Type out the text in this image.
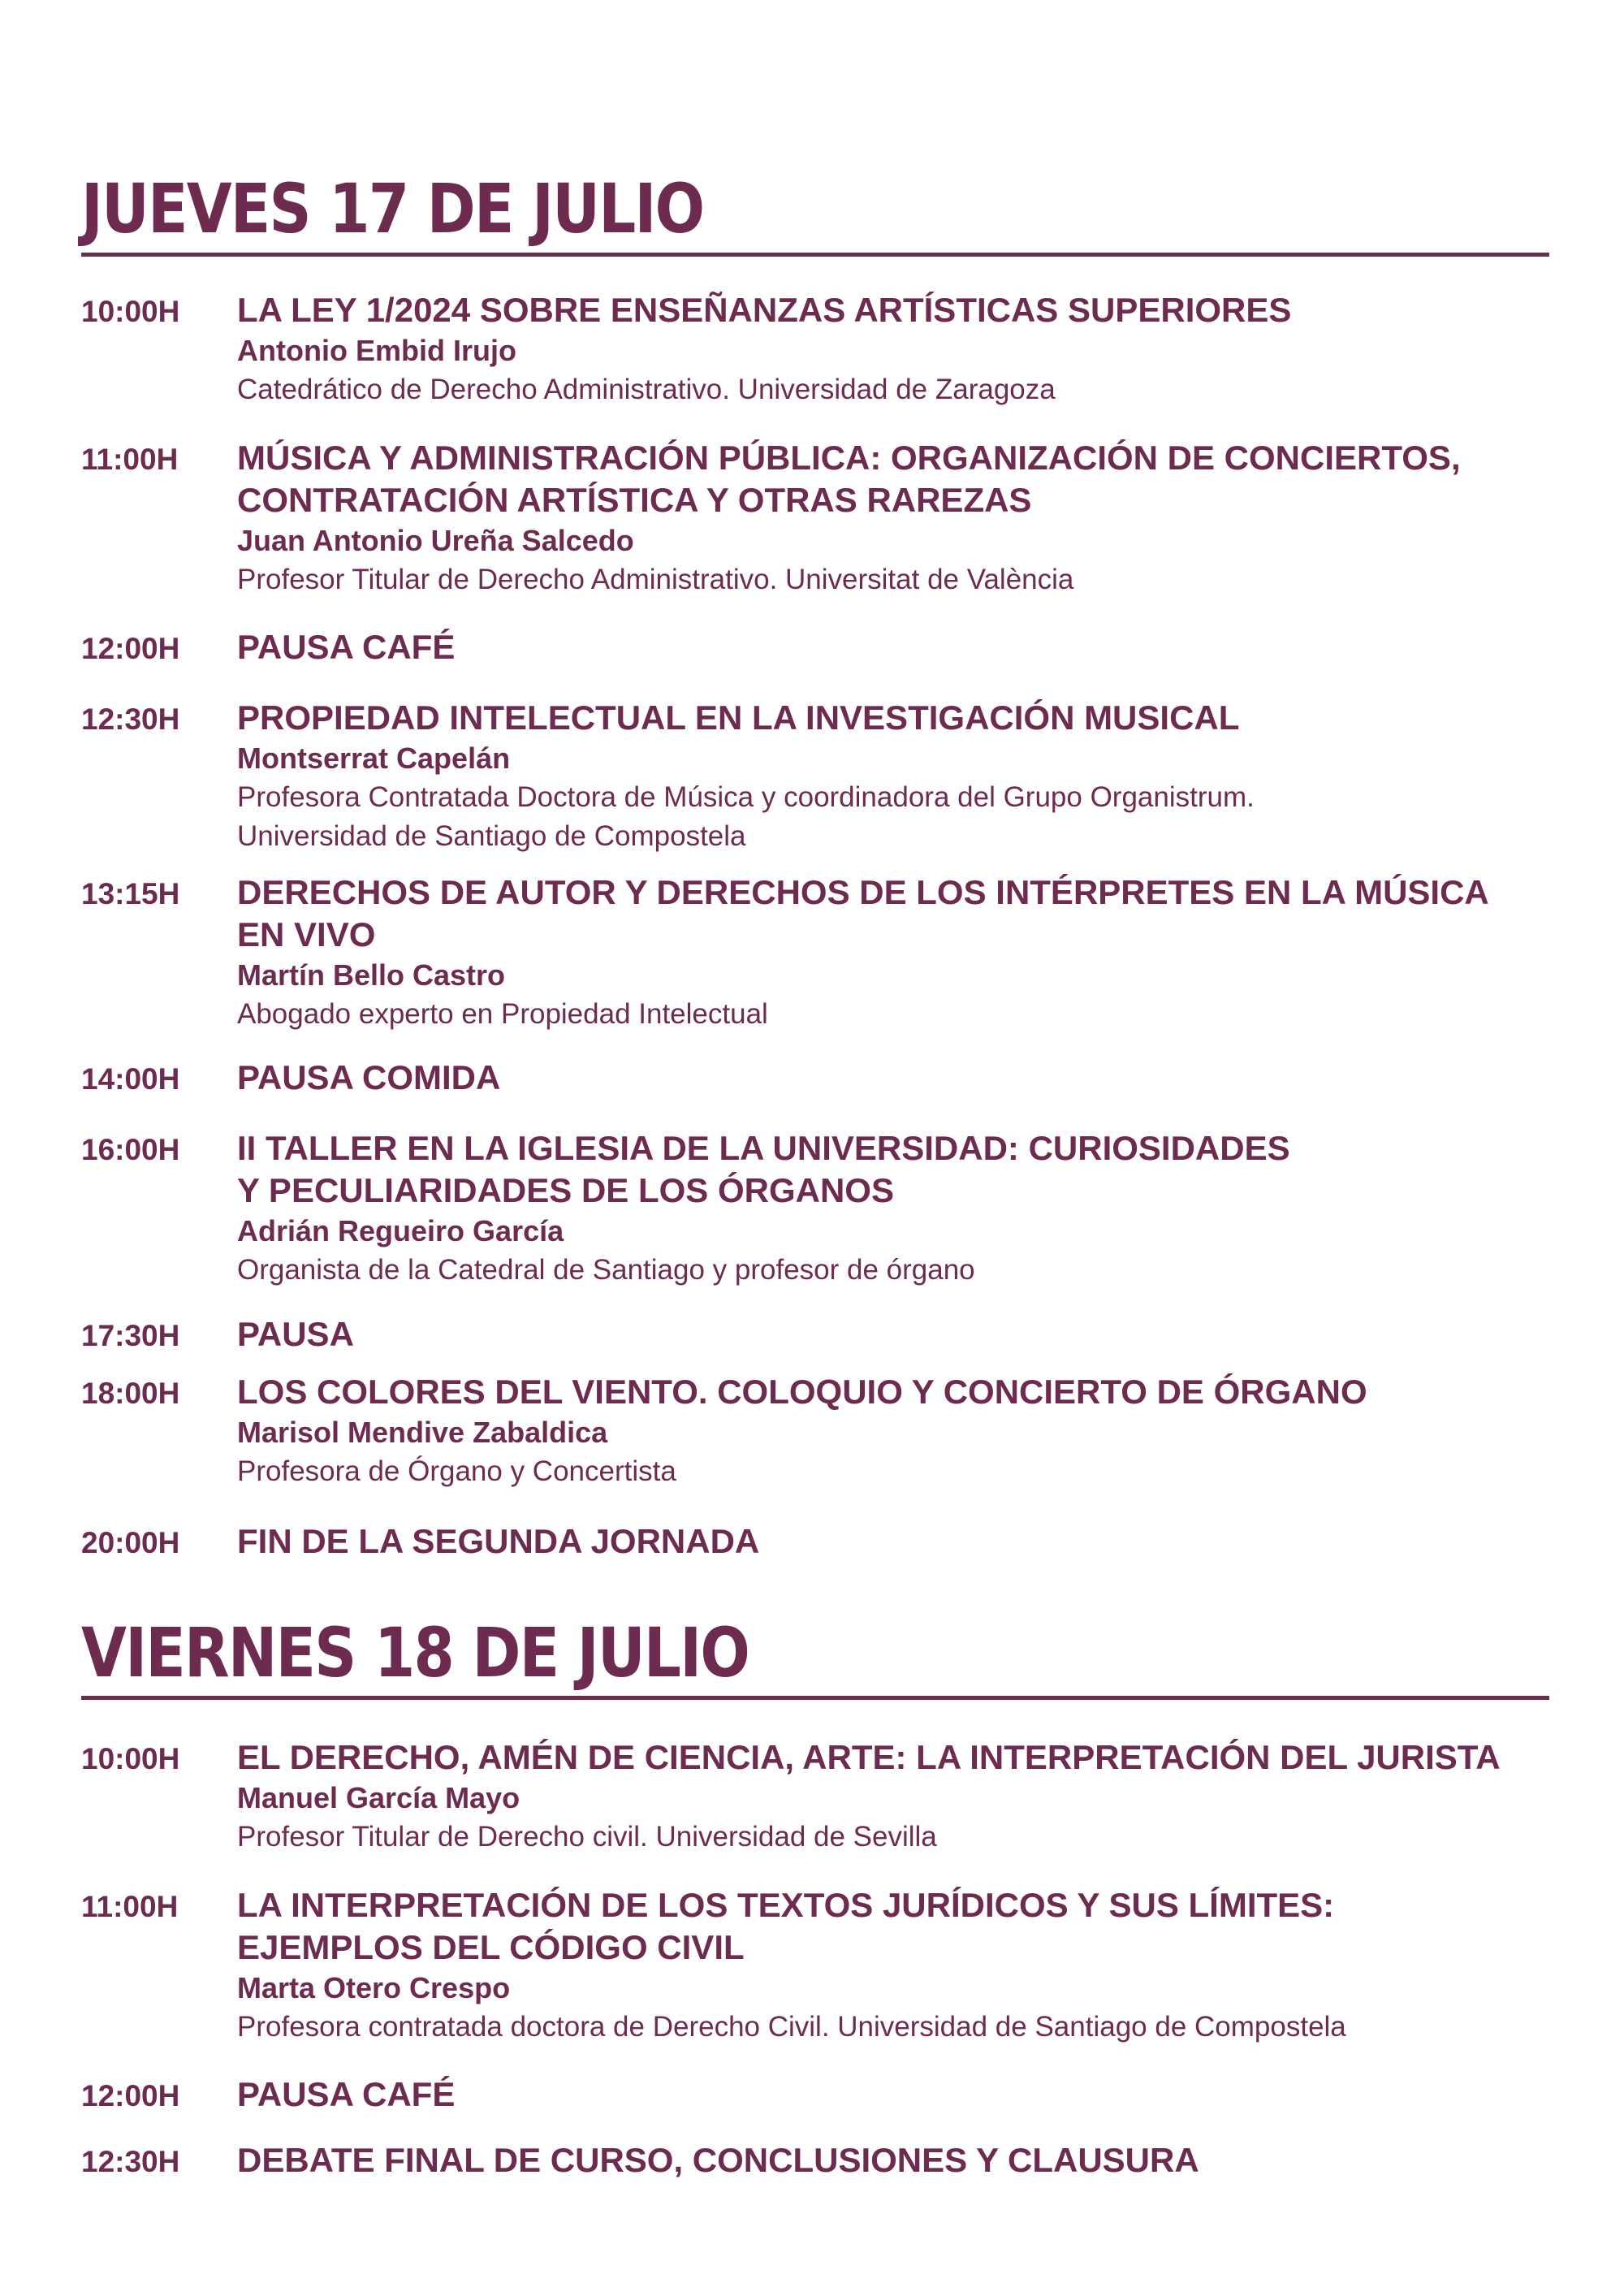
JUEVES 17 DE JULIO
10:00H	LA LEY 1/2024 SOBRE ENSEÑANZAS ARTÍSTICAS SUPERIORES
Antonio Embid Irujo
Catedrático de Derecho Administrativo. Universidad de Zaragoza
11:00H	MÚSICA Y ADMINISTRACIÓN PÚBLICA: ORGANIZACIÓN DE CONCIERTOS,
CONTRATACIÓN ARTÍSTICA Y OTRAS RAREZAS
Juan Antonio Ureña Salcedo
Profesor Titular de Derecho Administrativo. Universitat de València
12:00H	PAUSA CAFÉ
12:30H	PROPIEDAD INTELECTUAL EN LA INVESTIGACIÓN MUSICAL
Montserrat Capelán
Profesora Contratada Doctora de Música y coordinadora del Grupo Organistrum.
Universidad de Santiago de Compostela
13:15H	DERECHOS DE AUTOR Y DERECHOS DE LOS INTÉRPRETES EN LA MÚSICA
EN VIVO
Martín Bello Castro
Abogado experto en Propiedad Intelectual
14:00H	PAUSA COMIDA
16:00H	II TALLER EN LA IGLESIA DE LA UNIVERSIDAD: CURIOSIDADES
Y PECULIARIDADES DE LOS ÓRGANOS
Adrián Regueiro García
Organista de la Catedral de Santiago y profesor de órgano
17:30H	PAUSA
18:00H	LOS COLORES DEL VIENTO. COLOQUIO Y CONCIERTO DE ÓRGANO
Marisol Mendive Zabaldica
Profesora de Órgano y Concertista
20:00H	FIN DE LA SEGUNDA JORNADA
VIERNES 18 DE JULIO
10:00H	EL DERECHO, AMÉN DE CIENCIA, ARTE: LA INTERPRETACIÓN DEL JURISTA
Manuel García Mayo
Profesor Titular de Derecho civil. Universidad de Sevilla
11:00H	LA INTERPRETACIÓN DE LOS TEXTOS JURÍDICOS Y SUS LÍMITES:
EJEMPLOS DEL CÓDIGO CIVIL
Marta Otero Crespo
Profesora contratada doctora de Derecho Civil. Universidad de Santiago de Compostela
12:00H	PAUSA CAFÉ
12:30H	DEBATE FINAL DE CURSO, CONCLUSIONES Y CLAUSURA
